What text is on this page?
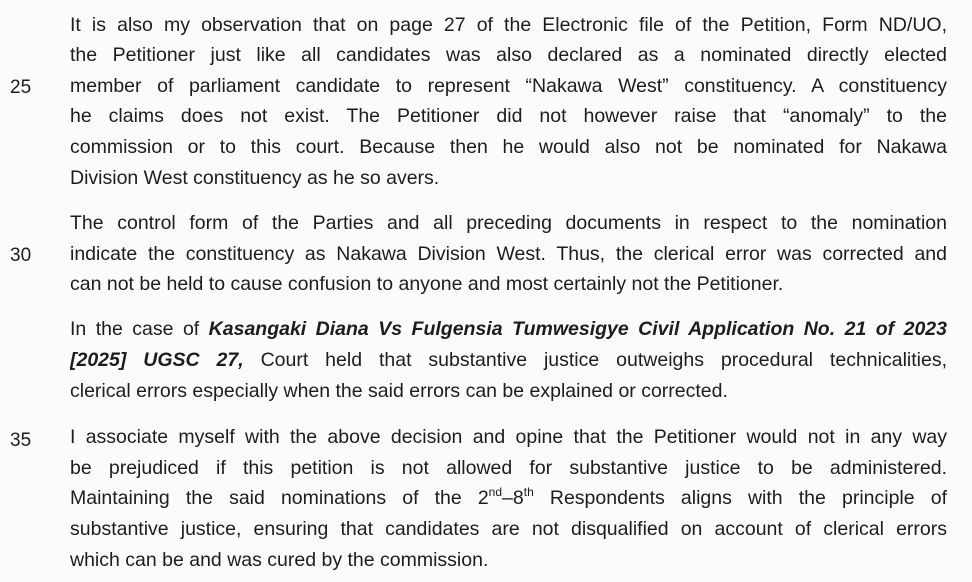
25
30
35
It is also my observation that on page 27 of the Electronic file of the Petition, Form ND/UO,
the Petitioner just like all candidates was also declared as a nominated directly elected
member of parliament candidate to represent “Nakawa West” constituency. A constituency
he claims does not exist. The Petitioner did not however raise that “anomaly” to the
commission or to this court. Because then he would also not be nominated for Nakawa
Division West constituency as he so avers.
The control form of the Parties and all preceding documents in respect to the nomination
indicate the constituency as Nakawa Division West. Thus, the clerical error was corrected and
can not be held to cause confusion to anyone and most certainly not the Petitioner.
In the case of Kasangaki Diana Vs Fulgensia Tumwesigye Civil Application No. 21 of 2023
[2025] UGSC 27, Court held that substantive justice outweighs procedural technicalities,
clerical errors especially when the said errors can be explained or corrected.
I associate myself with the above decision and opine that the Petitioner would not in any way
be prejudiced if this petition is not allowed for substantive justice to be administered.
Maintaining the said nominations of the 2nd–8th Respondents aligns with the principle of
substantive justice, ensuring that candidates are not disqualified on account of clerical errors
which can be and was cured by the commission.
